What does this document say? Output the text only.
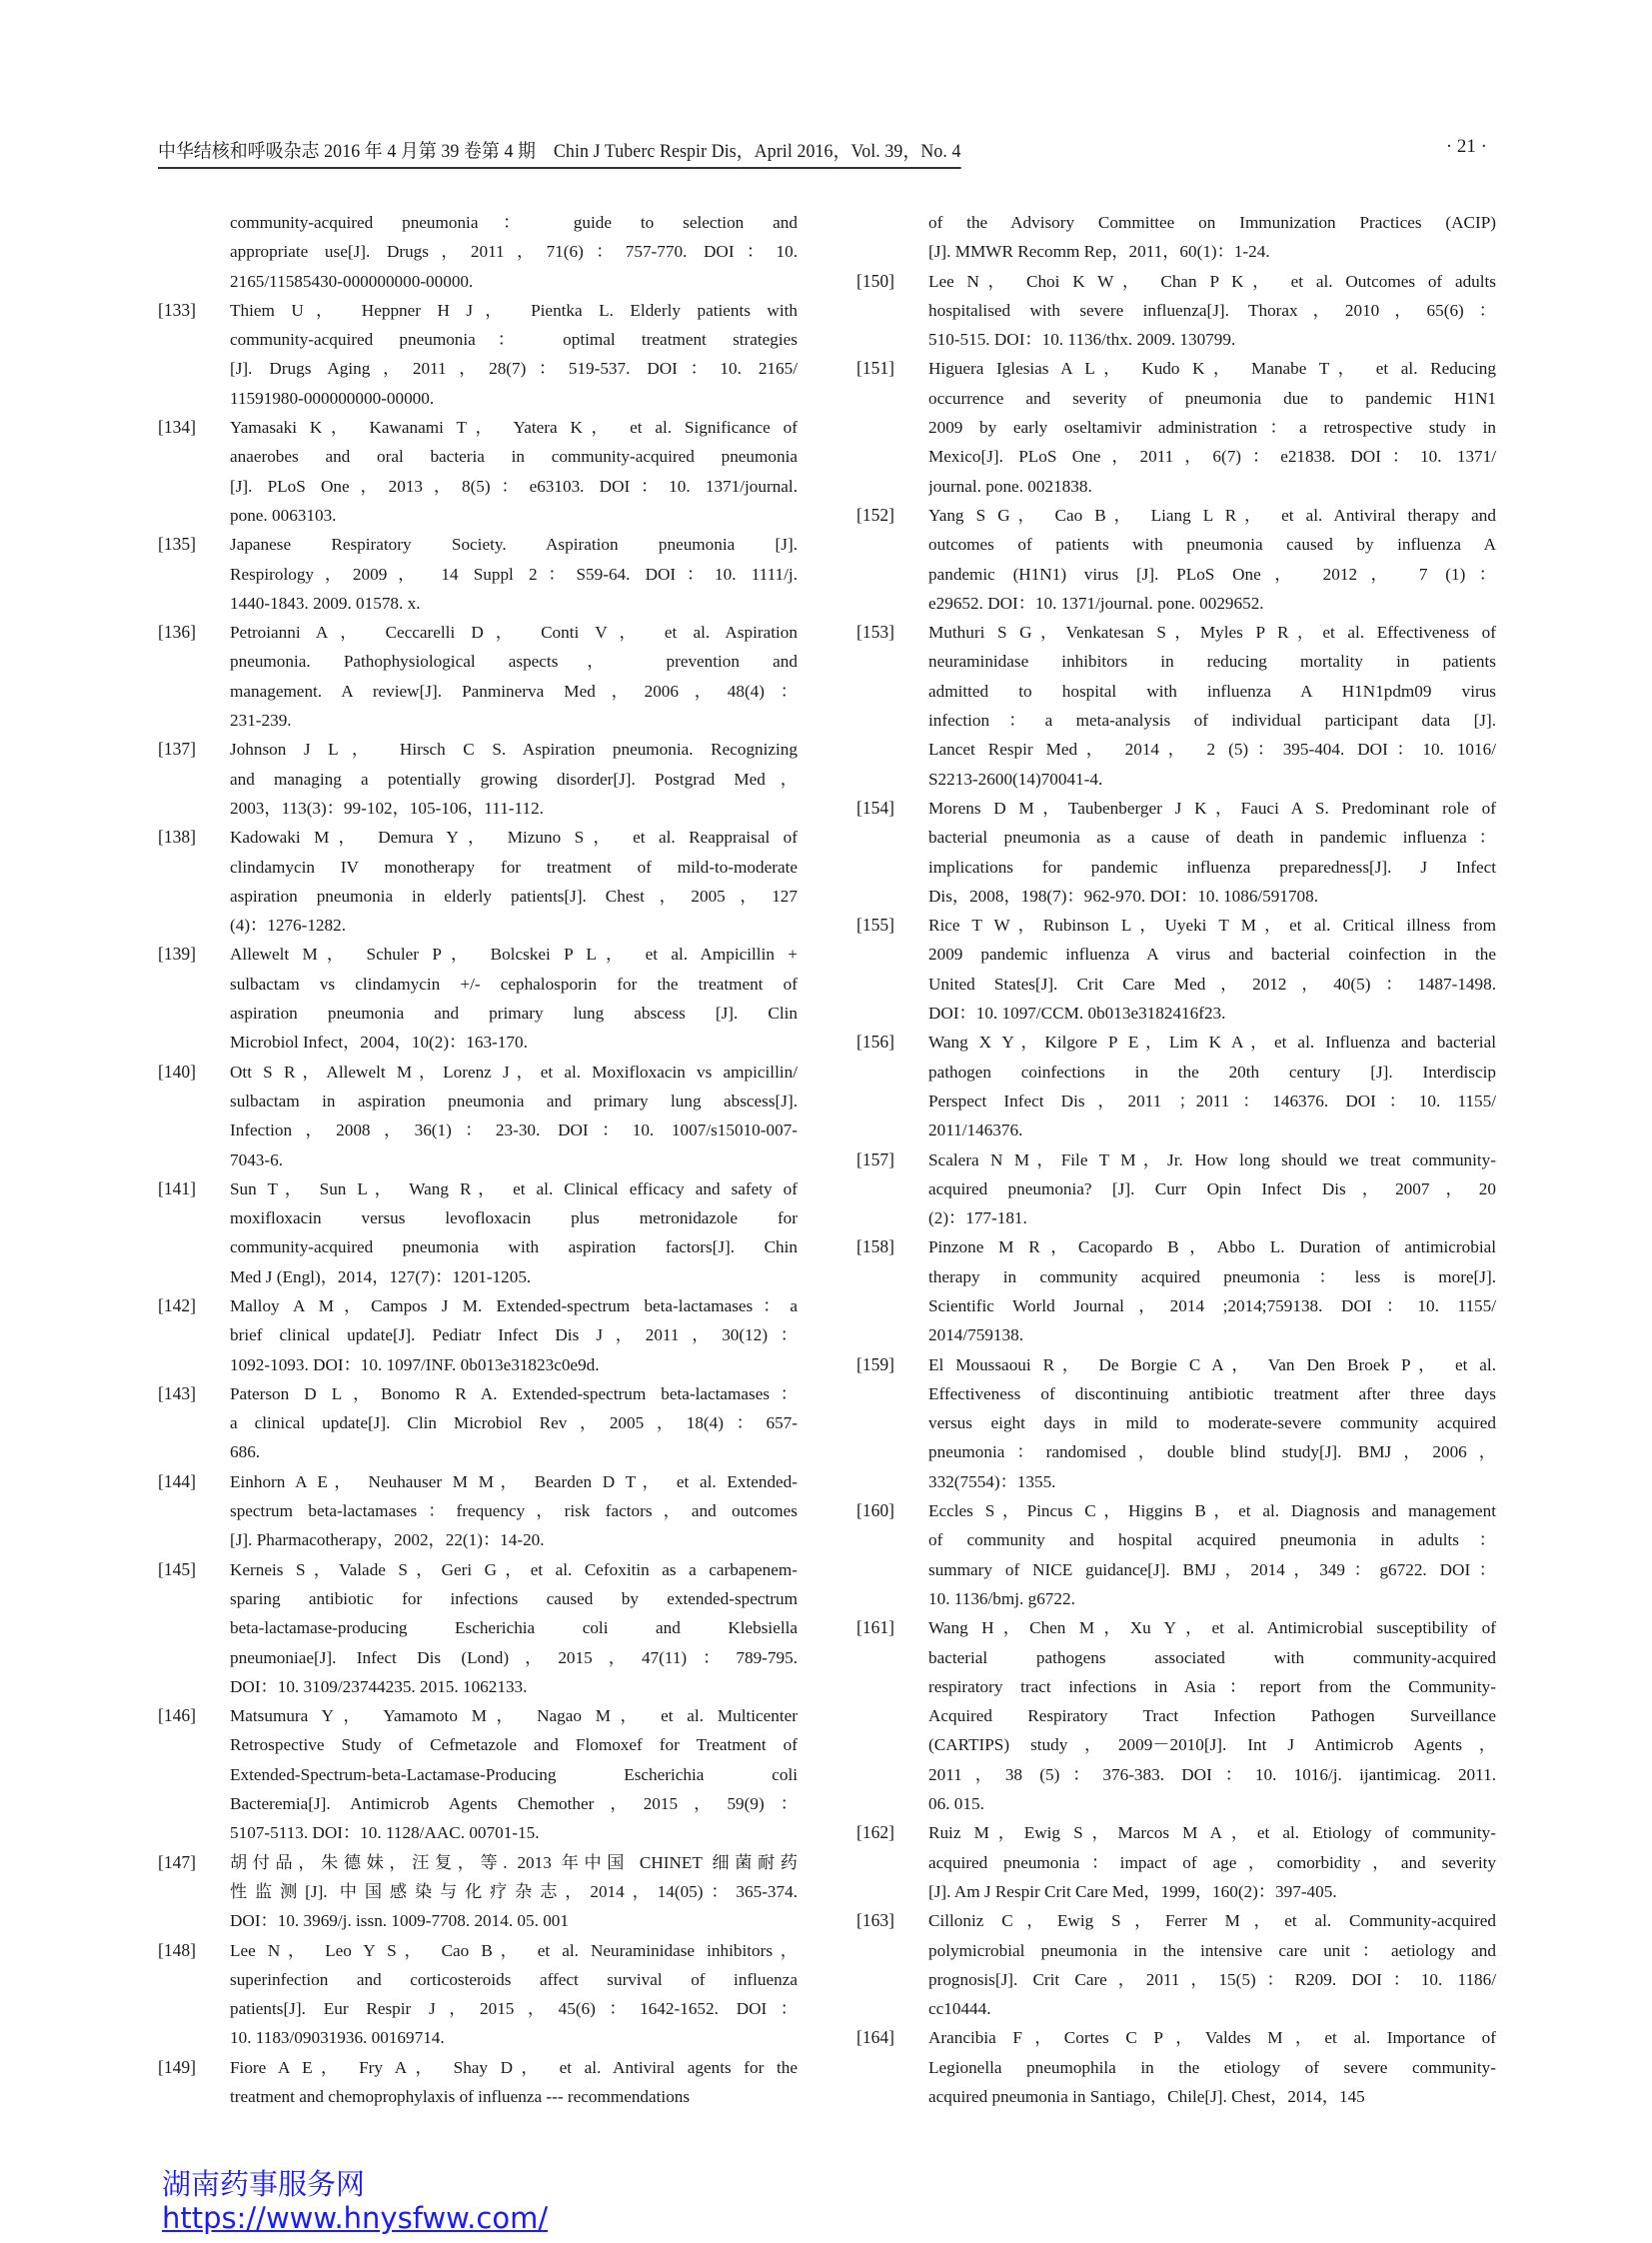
中华结核和呼吸杂志 2016 年 4 月第 39 卷第 4 期　Chin J Tuberc Respir Dis，April 2016，Vol. 39，No. 4	· 21 ·
community-acquired pneumonia： guide to selection and
appropriate use[J]. Drugs，2011，71(6)：757-770. DOI：10.
2165/11585430-000000000-00000.
[133] Thiem U， Heppner H J， Pientka L. Elderly patients with
community-acquired pneumonia： optimal treatment strategies
[J]. Drugs Aging，2011，28(7)：519-537. DOI：10. 2165/
11591980-000000000-00000.
[134] Yamasaki K， Kawanami T， Yatera K， et al. Significance of
anaerobes and oral bacteria in community-acquired pneumonia
[J]. PLoS One，2013，8(5)：e63103. DOI：10. 1371/journal.
pone. 0063103.
[135] Japanese Respiratory Society. Aspiration pneumonia [J].
Respirology，2009， 14 Suppl 2：S59-64. DOI：10. 1111/j.
1440-1843. 2009. 01578. x.
[136] Petroianni A， Ceccarelli D， Conti V， et al. Aspiration
pneumonia. Pathophysiological aspects， prevention and
management. A review[J]. Panminerva Med，2006，48(4)：
231-239.
[137] Johnson J L， Hirsch C S. Aspiration pneumonia. Recognizing
and managing a potentially growing disorder[J]. Postgrad Med，
2003，113(3)：99-102，105-106，111-112.
[138] Kadowaki M， Demura Y， Mizuno S， et al. Reappraisal of
clindamycin IV monotherapy for treatment of mild-to-moderate
aspiration pneumonia in elderly patients[J]. Chest，2005，127
(4)：1276-1282.
[139] Allewelt M， Schuler P， Bolcskei P L， et al. Ampicillin +
sulbactam vs clindamycin +/- cephalosporin for the treatment of
aspiration pneumonia and primary lung abscess [J]. Clin
Microbiol Infect，2004，10(2)：163-170.
[140] Ott S R，Allewelt M，Lorenz J，et al. Moxifloxacin vs ampicillin/
sulbactam in aspiration pneumonia and primary lung abscess[J].
Infection，2008，36(1)：23-30. DOI：10. 1007/s15010-007-
7043-6.
[141] Sun T， Sun L， Wang R， et al. Clinical efficacy and safety of
moxifloxacin versus levofloxacin plus metronidazole for
community-acquired pneumonia with aspiration factors[J]. Chin
Med J (Engl)，2014，127(7)：1201-1205.
[142] Malloy A M，Campos J M. Extended-spectrum beta-lactamases：a
brief clinical update[J]. Pediatr Infect Dis J，2011，30(12)：
1092-1093. DOI：10. 1097/INF. 0b013e31823c0e9d.
[143] Paterson D L，Bonomo R A. Extended-spectrum beta-lactamases：
a clinical update[J]. Clin Microbiol Rev，2005，18(4)：657-
686.
[144] Einhorn A E， Neuhauser M M， Bearden D T， et al. Extended-
spectrum beta-lactamases：frequency，risk factors，and outcomes
[J]. Pharmacotherapy，2002，22(1)：14-20.
[145] Kerneis S，Valade S，Geri G，et al. Cefoxitin as a carbapenem-
sparing antibiotic for infections caused by extended-spectrum
beta-lactamase-producing Escherichia coli and Klebsiella
pneumoniae[J]. Infect Dis (Lond)，2015，47(11)：789-795.
DOI：10. 3109/23744235. 2015. 1062133.
[146] Matsumura Y， Yamamoto M， Nagao M， et al. Multicenter
Retrospective Study of Cefmetazole and Flomoxef for Treatment of
Extended-Spectrum-beta-Lactamase-Producing Escherichia coli
Bacteremia[J]. Antimicrob Agents Chemother，2015，59(9)：
5107-5113. DOI：10. 1128/AAC. 00701-15.
[147] 胡付品，朱德妹，汪复，等. 2013 年中国 CHINET 细菌耐药
性监测[J]. 中国感染与化疗杂志，2014，14(05)：365-374.
DOI：10. 3969/j. issn. 1009-7708. 2014. 05. 001
[148] Lee N， Leo Y S， Cao B， et al. Neuraminidase inhibitors，
superinfection and corticosteroids affect survival of influenza
patients[J]. Eur Respir J，2015，45(6)：1642-1652. DOI：
10. 1183/09031936. 00169714.
[149] Fiore A E， Fry A， Shay D， et al. Antiviral agents for the
treatment and chemoprophylaxis of influenza --- recommendations
of the Advisory Committee on Immunization Practices (ACIP)
[J]. MMWR Recomm Rep，2011，60(1)：1-24.
[150] Lee N， Choi K W， Chan P K， et al. Outcomes of adults
hospitalised with severe influenza[J]. Thorax，2010，65(6)：
510-515. DOI：10. 1136/thx. 2009. 130799.
[151] Higuera Iglesias A L， Kudo K， Manabe T， et al. Reducing
occurrence and severity of pneumonia due to pandemic H1N1
2009 by early oseltamivir administration：a retrospective study in
Mexico[J]. PLoS One，2011，6(7)：e21838. DOI：10. 1371/
journal. pone. 0021838.
[152] Yang S G， Cao B， Liang L R， et al. Antiviral therapy and
outcomes of patients with pneumonia caused by influenza A
pandemic (H1N1) virus [J]. PLoS One， 2012， 7 (1)：
e29652. DOI：10. 1371/journal. pone. 0029652.
[153] Muthuri S G，Venkatesan S，Myles P R，et al. Effectiveness of
neuraminidase inhibitors in reducing mortality in patients
admitted to hospital with influenza A H1N1pdm09 virus
infection：a meta-analysis of individual participant data [J].
Lancet Respir Med， 2014， 2 (5)：395-404. DOI：10. 1016/
S2213-2600(14)70041-4.
[154] Morens D M，Taubenberger J K，Fauci A S. Predominant role of
bacterial pneumonia as a cause of death in pandemic influenza：
implications for pandemic influenza preparedness[J]. J Infect
Dis，2008，198(7)：962-970. DOI：10. 1086/591708.
[155] Rice T W，Rubinson L，Uyeki T M，et al. Critical illness from
2009 pandemic influenza A virus and bacterial coinfection in the
United States[J]. Crit Care Med，2012，40(5)：1487-1498.
DOI：10. 1097/CCM. 0b013e3182416f23.
[156] Wang X Y，Kilgore P E，Lim K A，et al. Influenza and bacterial
pathogen coinfections in the 20th century [J]. Interdiscip
Perspect Infect Dis，2011 ；2011：146376. DOI：10. 1155/
2011/146376.
[157] Scalera N M，File T M，Jr. How long should we treat community-
acquired pneumonia? [J]. Curr Opin Infect Dis，2007，20
(2)：177-181.
[158] Pinzone M R，Cacopardo B，Abbo L. Duration of antimicrobial
therapy in community acquired pneumonia：less is more[J].
Scientific World Journal，2014 ;2014;759138. DOI：10. 1155/
2014/759138.
[159] El Moussaoui R， De Borgie C A， Van Den Broek P， et al.
Effectiveness of discontinuing antibiotic treatment after three days
versus eight days in mild to moderate-severe community acquired
pneumonia：randomised，double blind study[J]. BMJ，2006，
332(7554)：1355.
[160] Eccles S，Pincus C，Higgins B，et al. Diagnosis and management
of community and hospital acquired pneumonia in adults：
summary of NICE guidance[J]. BMJ，2014，349：g6722. DOI：
10. 1136/bmj. g6722.
[161] Wang H，Chen M，Xu Y，et al. Antimicrobial susceptibility of
bacterial pathogens associated with community-acquired
respiratory tract infections in Asia：report from the Community-
Acquired Respiratory Tract Infection Pathogen Surveillance
(CARTIPS) study，2009－2010[J]. Int J Antimicrob Agents，
2011，38 (5)：376-383. DOI：10. 1016/j. ijantimicag. 2011.
06. 015.
[162] Ruiz M，Ewig S，Marcos M A，et al. Etiology of community-
acquired pneumonia：impact of age，comorbidity，and severity
[J]. Am J Respir Crit Care Med，1999，160(2)：397-405.
[163] Cilloniz C，Ewig S，Ferrer M，et al. Community-acquired
polymicrobial pneumonia in the intensive care unit：aetiology and
prognosis[J]. Crit Care，2011，15(5)：R209. DOI：10. 1186/
cc10444.
[164] Arancibia F，Cortes C P，Valdes M，et al. Importance of
Legionella pneumophila in the etiology of severe community-
acquired pneumonia in Santiago，Chile[J]. Chest，2014，145
湖南药事服务网
https://www.hnysfww.com/
